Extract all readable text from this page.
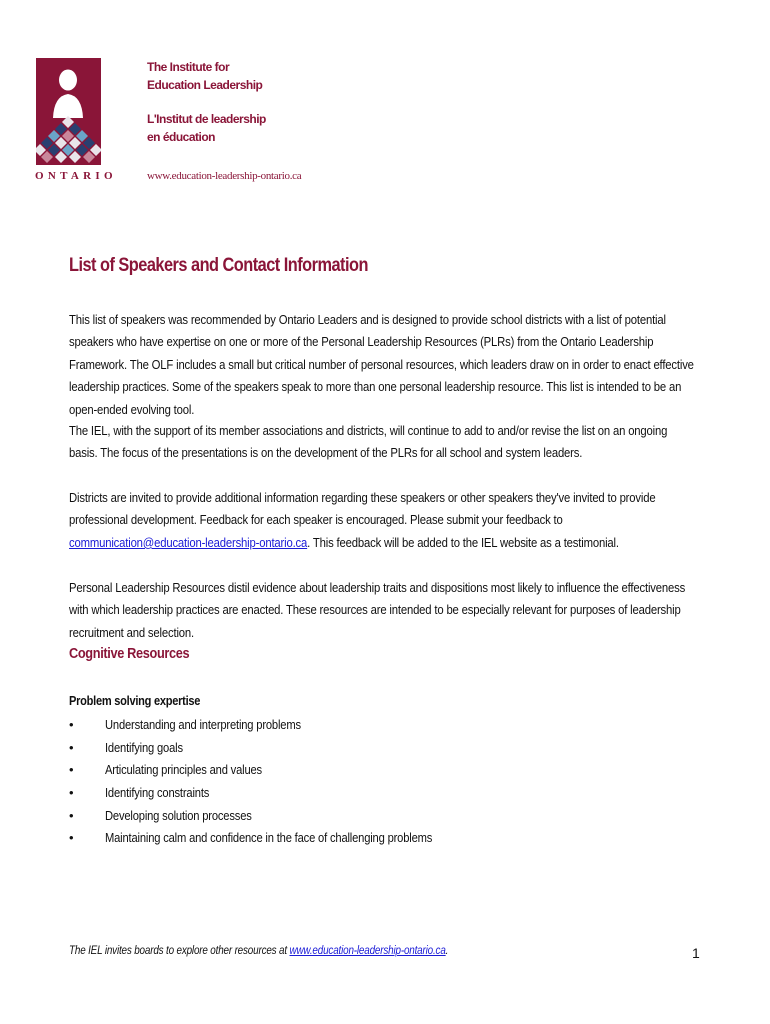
ONTARIO
The Institute for
Education Leadership
L'Institut de leadership
en éducation
www.education-leadership-ontario.ca
List of Speakers and Contact Information

This list of speakers was recommended by Ontario Leaders and is designed to provide school districts with a list of potential speakers who have expertise on one or more of the Personal Leadership Resources (PLRs) from the Ontario Leadership Framework. The OLF includes a small but critical number of personal resources, which leaders draw on in order to enact effective leadership practices. Some of the speakers speak to more than one personal leadership resource. This list is intended to be an open-ended evolving tool.

The IEL, with the support of its member associations and districts, will continue to add to and/or revise the list on an ongoing basis. The focus of the presentations is on the development of the PLRs for all school and system leaders.

Districts are invited to provide additional information regarding these speakers or other speakers they've invited to provide professional development. Feedback for each speaker is encouraged. Please submit your feedback to communication@education-leadership-ontario.ca. This feedback will be added to the IEL website as a testimonial.

Personal Leadership Resources distil evidence about leadership traits and dispositions most likely to influence the effectiveness with which leadership practices are enacted. These resources are intended to be especially relevant for purposes of leadership recruitment and selection.

Cognitive Resources
Problem solving expertise
• Understanding and interpreting problems
• Identifying goals
• Articulating principles and values
• Identifying constraints
• Developing solution processes
• Maintaining calm and confidence in the face of challenging problems
The IEL invites boards to explore other resources at www.education-leadership-ontario.ca.	1
